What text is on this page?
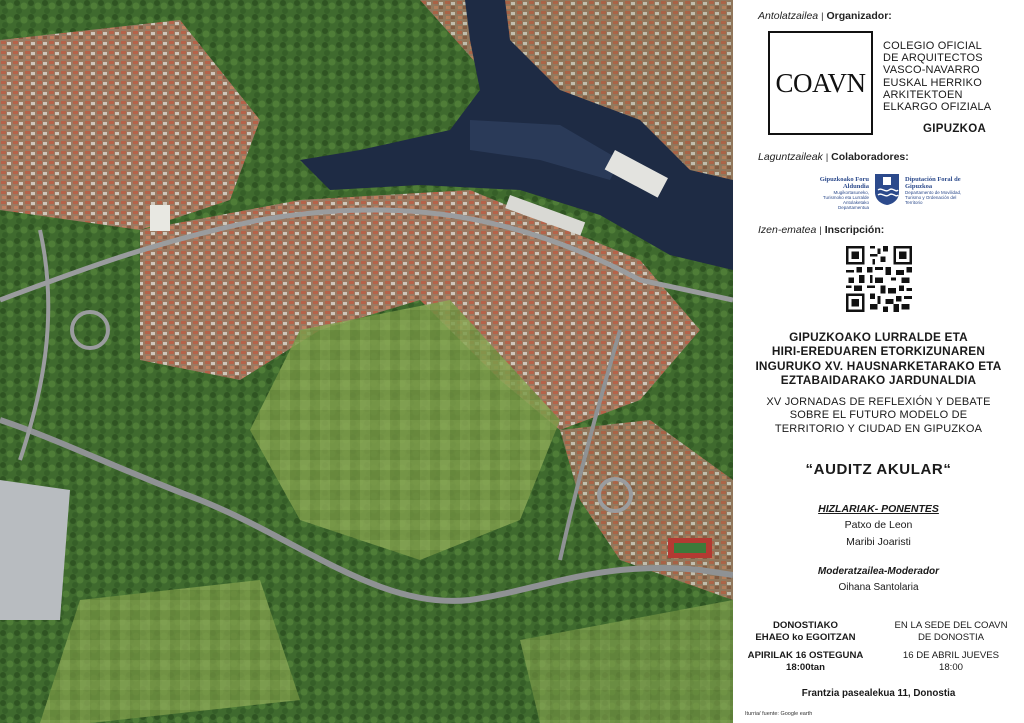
Antolatzailea | Organizador:
COAVN
COLEGIO OFICIAL
DE ARQUITECTOS
VASCO-NAVARRO
EUSKAL HERRIKO
ARKITEKTOEN
ELKARGO OFIZIALA
GIPUZKOA
Laguntzaileak | Colaboradores:
Gipuzkoako Foru Aldundia
Mugikortasuneko, Turismoko eta Lurralde Antolaketako Departamentua
Diputación Foral de Gipuzkoa
Departamento de Movilidad, Turismo y Ordenación del Territorio
Izen-ematea | Inscripción:
GIPUZKOAKO LURRALDE ETA
HIRI-EREDUAREN ETORKIZUNAREN
INGURUKO XV. HAUSNARKETARAKO ETA
EZTABAIDARAKO JARDUNALDIA
XV JORNADAS DE REFLEXIÓN Y DEBATE
SOBRE EL FUTURO MODELO DE
TERRITORIO Y CIUDAD EN GIPUZKOA
“AUDITZ AKULAR“
HIZLARIAK- PONENTES
Patxo de Leon
Maribi Joaristi
Moderatzailea-Moderador
Oihana Santolaria
DONOSTIAKO
EHAEO ko EGOITZAN
EN LA SEDE DEL COAVN
DE DONOSTIA
APIRILAK 16 OSTEGUNA
18:00tan
16 DE ABRIL JUEVES
18:00
Frantzia pasealekua 11, Donostia
Iturria/ fuente: Google earth
